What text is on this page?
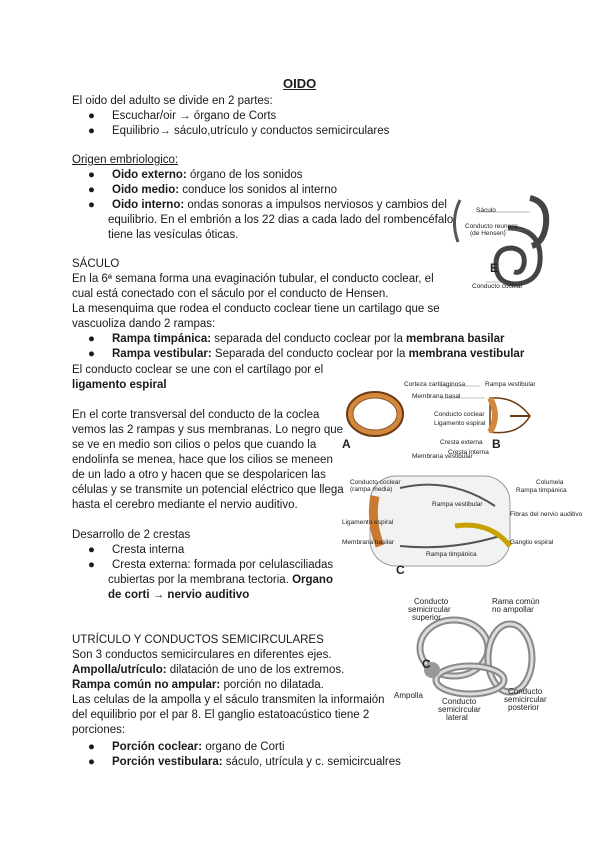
OIDO
El oido del adulto se divide en 2 partes:
● Escuchar/oir → órgano de Corts
● Equilibrio→ sáculo,utrículo y conductos semicirculares
Origen embriologico:
● Oido externo: órgano de los sonidos
● Oido medio: conduce los sonidos al interno
● Oido interno: ondas sonoras a impulsos nerviosos y cambios del
equilibrio. En el embrión a los 22 dias a cada lado del rombencéfalo
tiene las vesículas óticas.
SÁCULO
En la 6ª semana forma una evaginación tubular, el conducto coclear, el
cual está conectado con el sáculo por el conducto de Hensen.
La mesenquima que rodea el conducto coclear tiene un cartilago que se
vascuoliza dando 2 rampas:
● Rampa timpánica: separada del conducto coclear por la membrana basilar
● Rampa vestibular: Separada del conducto coclear por la membrana vestibular
El conducto coclear se une con el cartílago por el
ligamento espiral
En el corte transversal del conducto de la coclea
vemos las 2 rampas y sus membranas. Lo negro que
se ve en medio son cilios o pelos que cuando la
endolinfa se menea, hace que los cilios se meneen
de un lado a otro y hacen que se despolaricen las
células y se transmite un potencial eléctrico que llega
hasta el cerebro mediante el nervio auditivo.
Desarrollo de 2 crestas
● Cresta interna
● Cresta externa: formada por celulasciliadas
cubiertas por la membrana tectoria. Organo
de corti → nervio auditivo
UTRÍCULO Y CONDUCTOS SEMICIRCULARES
Son 3 conductos semicirculares en diferentes ejes.
Ampolla/utrículo: dilatación de uno de los extremos.
Rampa común no ampular: porción no dilatada.
Las celulas de la ampolla y el sáculo transmiten la informaión
del equilibrio por el par 8. El ganglio estatoacústico tiene 2
porciones:
● Porción coclear: organo de Corti
● Porción vestibulara: sáculo, utrícula y c. semicircualres
Sáculo
Conducto reunens
(de Hensen)
E
Conducto coclear
Corteza cartilaginosa
Membrana basal
Conducto coclear
Ligamento espiral
Cresta externa
Cresta interna
Rampa vestibular
Membrana vestibular
Conducto coclear
(rampa media)
Rampa vestibular
Ligamento espiral
Membrana basilar
Rampa timpánica
Fibras del nervio auditivo
Ganglio espiral
Columela
Rampa timpánica
A	B
C
Conducto
semicircular
superior
Rama común
no ampollar
Ampolla
Conducto
semicircular
lateral
Conducto
semicircular
posterior
C
